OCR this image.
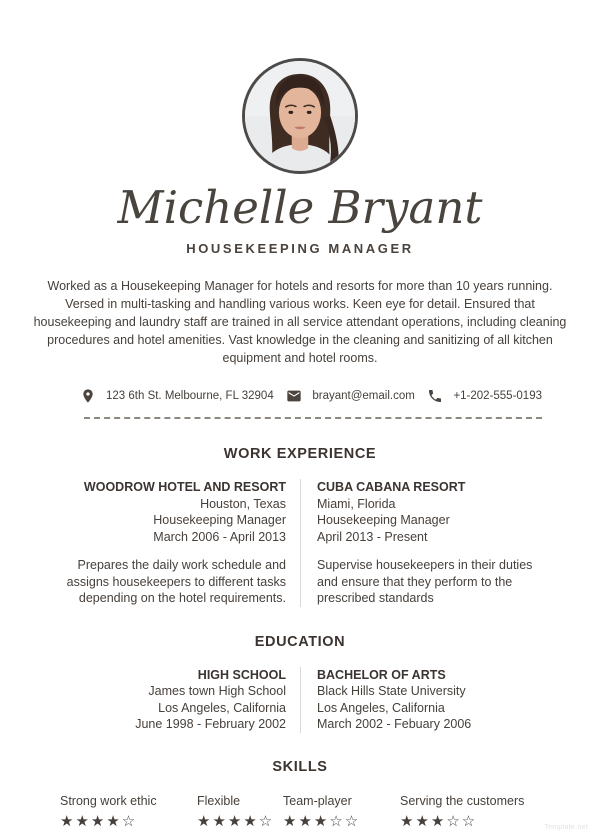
Michelle Bryant
HOUSEKEEPING MANAGER
Worked as a Housekeeping Manager for hotels and resorts for more than 10 years running. Versed in multi-tasking and handling various works. Keen eye for detail. Ensured that housekeeping and laundry staff are trained in all service attendant operations, including cleaning procedures and hotel amenities. Vast knowledge in the cleaning and sanitizing of all kitchen equipment and hotel rooms.
123 6th St. Melbourne, FL 32904	brayant@email.com	+1-202-555-0193
WORK EXPERIENCE
WOODROW HOTEL AND RESORT
Houston, Texas
Housekeeping Manager
March 2006 - April 2013
Prepares the daily work schedule and assigns housekeepers to different tasks depending on the hotel requirements.
CUBA CABANA RESORT
Miami, Florida
Housekeeping Manager
April 2013 - Present
Supervise housekeepers in their duties and ensure that they perform to the prescribed standards
EDUCATION
HIGH SCHOOL
James town High School
Los Angeles, California
June 1998 - February 2002
BACHELOR OF ARTS
Black Hills State University
Los Angeles, California
March 2002 - Febuary 2006
SKILLS
Strong work ethic
★★★★☆
Flexible
★★★★☆
Team-player
★★★☆☆
Serving the customers
★★★☆☆	Template.net
